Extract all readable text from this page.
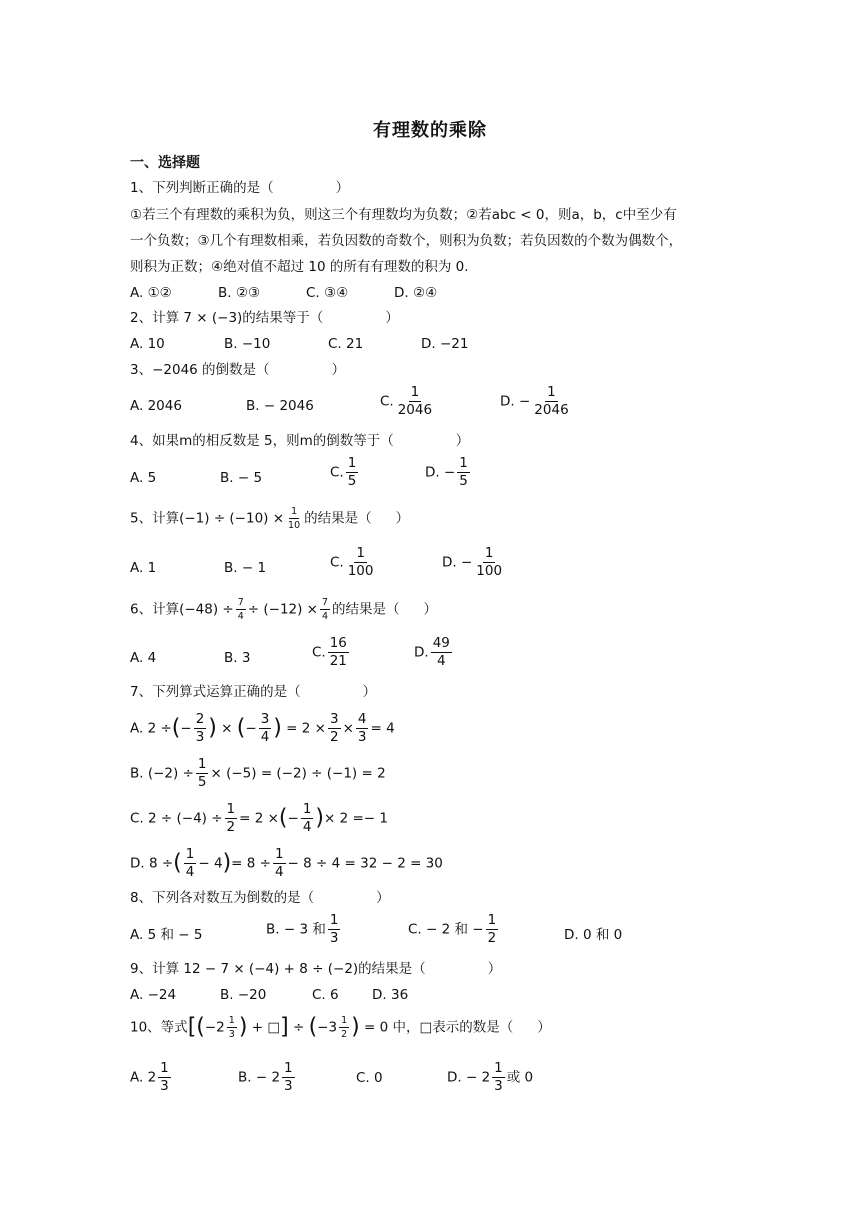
有理数的乘除
一、选择题
1、下列判断正确的是（	）
①若三个有理数的乘积为负，则这三个有理数均为负数；②若abc < 0，则a，b，c中至少有
一个负数；③几个有理数相乘，若负因数的奇数个，则积为负数；若负因数的个数为偶数个，
则积为正数；④绝对值不超过 10 的所有有理数的积为 0.
A. ①②	B. ②③	C. ③④	D. ②④
2、计算 7 × (−3)的结果等于（	）
A. 10	B. −10	C. 21	D. −21
3、−2046 的倒数是（	）
A. 2046	B. − 2046	C. $\frac{1}{2046}$	D. − $\frac{1}{2046}$
4、如果m的相反数是 5，则m的倒数等于（	）
A. 5	B. − 5	C. $\frac{1}{5}$	D. − $\frac{1}{5}$
5、计算$(-1) \div (-10) \times \frac{1}{10}$ 的结果是（ ）
A. 1	B. − 1	C. $\frac{1}{100}$	D. − $\frac{1}{100}$
6、计算$(-48) \div \frac{7}{4} \div (-12) \times \frac{7}{4}$ 的结果是（ ）
A. 4	B. 3	C. $\frac{16}{21}$	D. $\frac{49}{4}$
7、下列算式运算正确的是（	）
A. 2 ÷(− $\frac{2}{3}$ ) × (− $\frac{3}{4}$ ) = $2 \times \frac{3}{2} \times \frac{4}{3} = 4$
B. $(-2) \div \frac{1}{5} \times (-5) = (-2) \div (-1) = 2$
C. $2 \div (-4) \div \frac{1}{2} = 2$ ×(− $\frac{1}{4}$ )× 2 =− 1
D. 8 ÷( $\frac{1}{4} - 4)= 8 \div \frac{1}{4} - 8 \div 4 = 32 - 2 = 30$
8、下列各对数互为倒数的是（	）
A. 5 和 − 5	B. − 3 和 $\frac{1}{3}$	C. − 2 和 − $\frac{1}{2}$	D. 0 和 0
9、计算 12 − 7 × (−4) + 8 ÷ (−2)的结果是（	）
A. −24	B. −20	C. 6 D. 36
10、等式[($-2 \frac{1}{3}$ ) + □] ÷ ($-3 \frac{1}{2}$ ) = 0 中，□表示的数是（ ）
A. $2 \frac{1}{3}$	B. − $2 \frac{1}{3}$	C. 0	D. − $2 \frac{1}{3}$ 或 0
